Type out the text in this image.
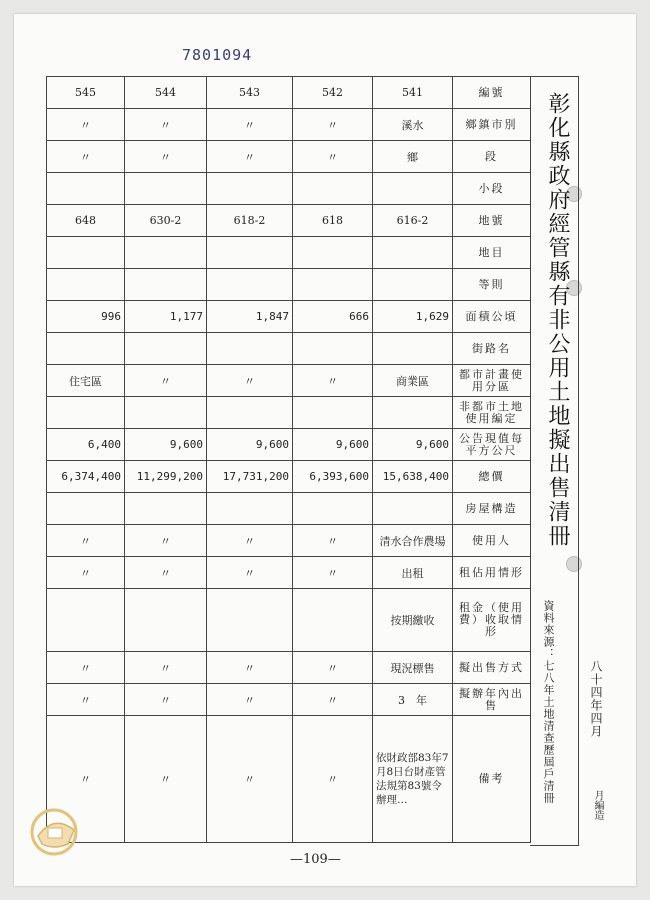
7801094
545	544	543	542	541	編號
〃	〃	〃	〃	溪水	鄉鎮市別
〃	〃	〃	〃	鄉	段
					小段
648	630-2	618-2	618	616-2	地號
					地目
					等則
996	1,177	1,847	666	1,629	面積公頃
					街路名
住宅區	〃	〃	〃	商業區	都市計畫使用分區
					非都市土地使用編定
6,400	9,600	9,600	9,600	9,600	公告現值每平方公尺
6,374,400	11,299,200	17,731,200	6,393,600	15,638,400	總價
					房屋構造
〃	〃	〃	〃	清水合作農場	使用人
〃	〃	〃	〃	出租	租佔用情形
				按期繳收	租金（使用費）收取情形
〃	〃	〃	〃	現況標售	擬出售方式
〃	〃	〃	〃	3　年	擬辦年內出售
〃	〃	〃	〃	依財政部83年7月8日台財產管法規第83號令辦理…	備考
彰化縣政府經管縣有非公用土地擬出售清冊
資料來源：七八年土地清查歷屆戶清冊	八十四年四月
月編造
—109—
